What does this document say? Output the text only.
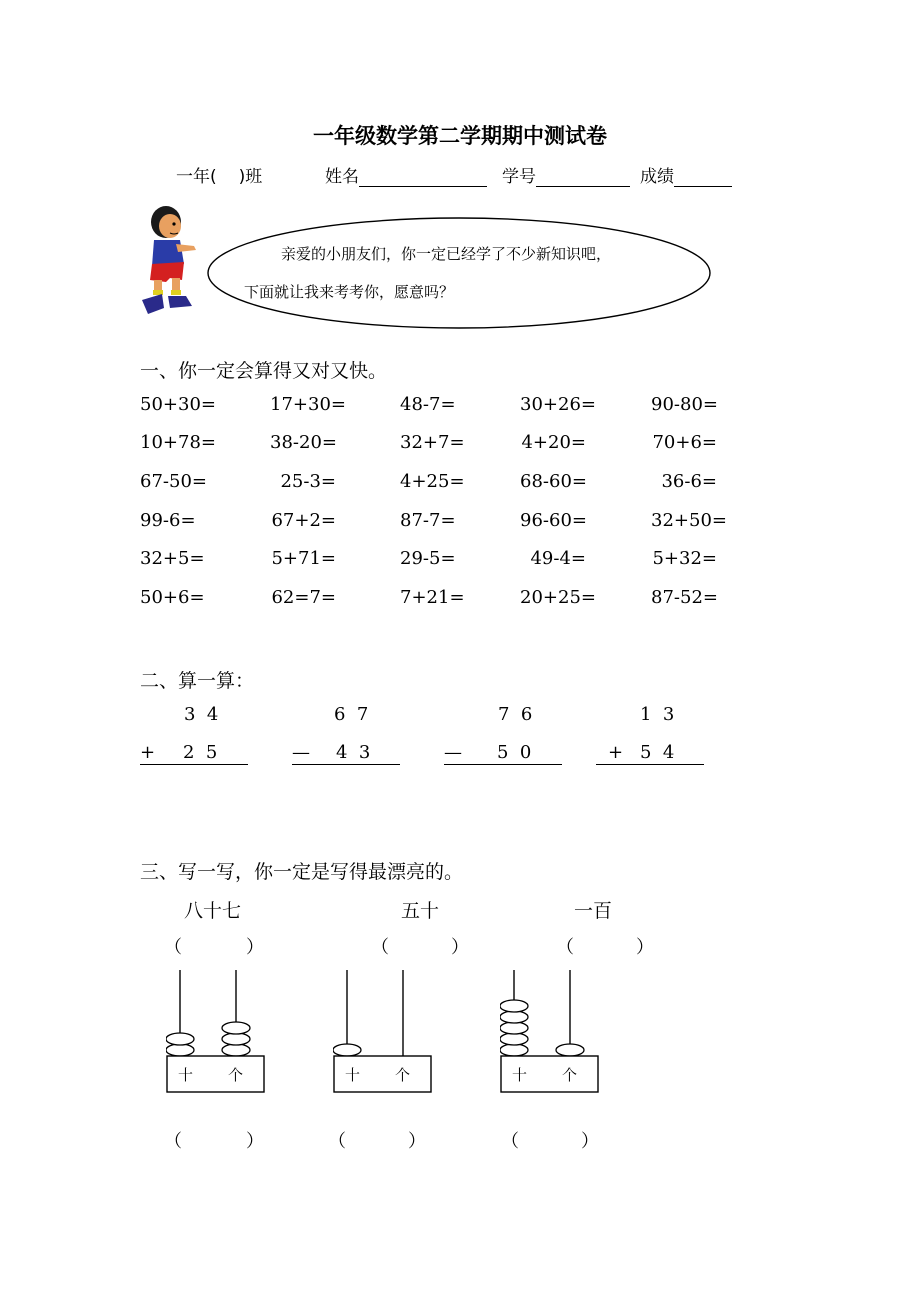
一年级数学第二学期期中测试卷
一年( )班	姓名	学号	成绩
亲爱的小朋友们，你一定已经学了不少新知识吧，
下面就让我来考考你，愿意吗？
一、你一定会算得又对又快。
50+30=	17+30=	48-7=	30+26=	90-80=
10+78=	38-20=	32+7=	4+20=	70+6=
67-50=	25-3=	4+25=	68-60=	36-6=
99-6=	67+2=	87-7=	96-60=	32+50=
32+5=	5+71=	29-5=	49-4=	5+32=
50+6=	62=7=	7+21=	20+25=	87-52=
二、算一算：
3  4
+ 2  5
6  7
— 4  3
7  6
— 5  0
1  3
+ 5  4
三、写一写，你一定是写得最漂亮的。
八十七	五十	一百
（	）	（	）	（	）
（	）	（	）	（	）
十 个	十 个	十 个
